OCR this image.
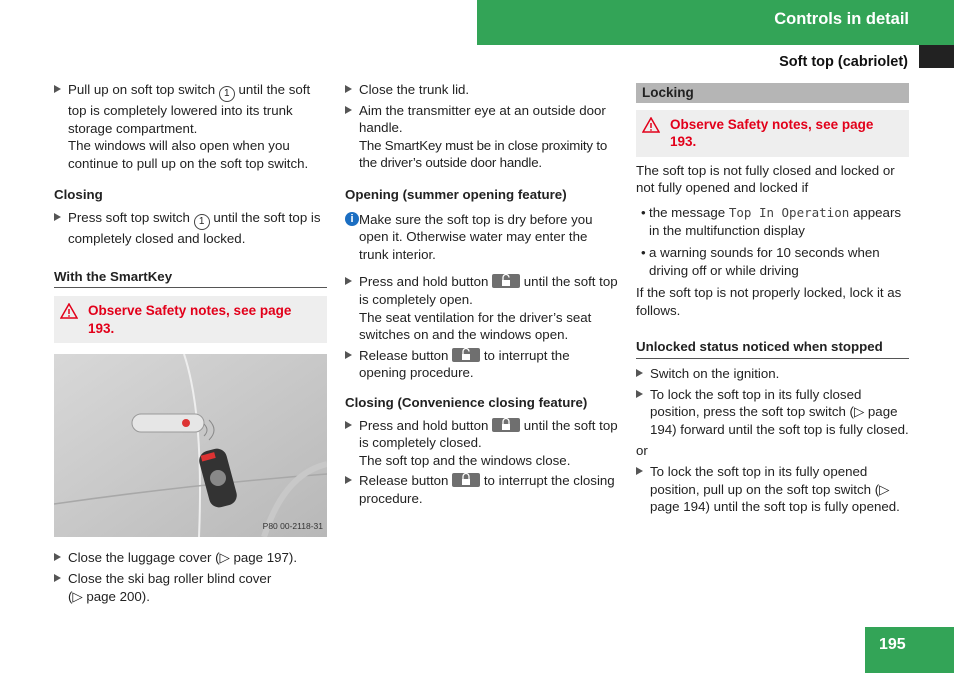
Controls in detail
Soft top (cabriolet)
Pull up on soft top switch 1 until the soft top is completely lowered into its trunk storage compartment.
The windows will also open when you continue to pull up on the soft top switch.
Closing
Press soft top switch 1 until the soft top is completely closed and locked.
With the SmartKey
Observe Safety notes, see page 193.
P80 00-2118-31
Close the luggage cover (▷ page 197).
Close the ski bag roller blind cover
(▷ page 200).
Close the trunk lid.
Aim the transmitter eye at an outside door handle.
The SmartKey must be in close proximity to the driver’s outside door handle.
Opening (summer opening feature)
i Make sure the soft top is dry before you open it. Otherwise water may enter the trunk interior.
Press and hold button	until the soft top is completely open.
The seat ventilation for the driver’s seat switches on and the windows open.
Release button	to interrupt the opening procedure.
Closing (Convenience closing feature)
Press and hold button	until the soft top is completely closed.
The soft top and the windows close.
Release button	to interrupt the closing procedure.
Locking
Observe Safety notes, see page 193.
The soft top is not fully closed and locked or not fully opened and locked if
• the message Top In Operation appears in the multifunction display
• a warning sounds for 10 seconds when driving off or while driving
If the soft top is not properly locked, lock it as follows.
Unlocked status noticed when stopped
Switch on the ignition.
To lock the soft top in its fully closed position, press the soft top switch (▷ page 194) forward until the soft top is fully closed.
or
To lock the soft top in its fully opened position, pull up on the soft top switch (▷ page 194) until the soft top is fully opened.
195
